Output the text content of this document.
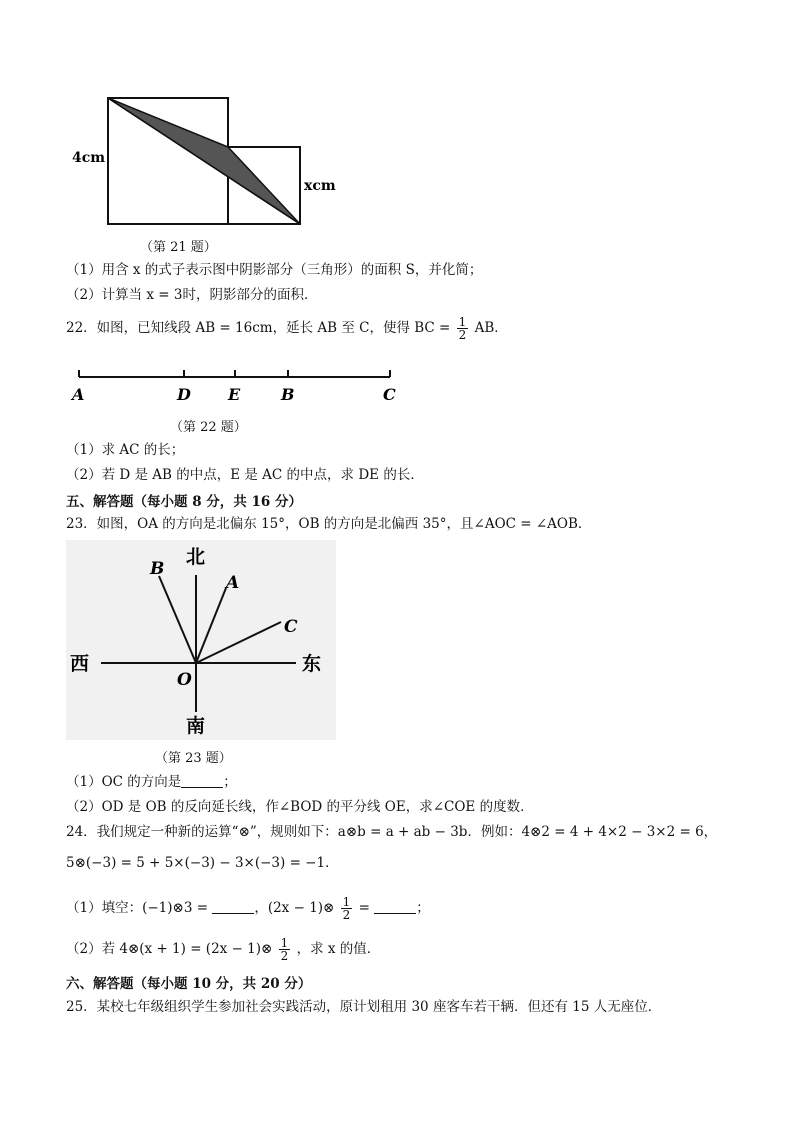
4cm
xcm
（第 21 题）
（1）用含 x 的式子表示图中阴影部分（三角形）的面积 S，并化简；
（2）计算当 x = 3时，阴影部分的面积．
22．如图，已知线段 AB = 16cm，延长 AB 至 C，使得 BC = $\frac{1}{2}$ AB．
A	D E	B	C
（第 22 题）
（1）求 AC 的长；
（2）若 D 是 AB 的中点，E 是 AC 的中点，求 DE 的长．
五、解答题（每小题 8 分，共 16 分）
23．如图，OA 的方向是北偏东 15°，OB 的方向是北偏西 35°，且∠AOC = ∠AOB．
北
南
西	东
O
A
B
C
（第 23 题）
（1）OC 的方向是	；
（2）OD 是 OB 的反向延长线，作∠BOD 的平分线 OE，求∠COE 的度数．
24．我们规定一种新的运算“⊗”，规则如下：a⊗b = a + ab − 3b．例如：4⊗2 = 4 + 4×2 − 3×2 = 6，
5⊗(−3) = 5 + 5×(−3) − 3×(−3) = −1．
（1）填空：(−1)⊗3 =	，(2x − 1)⊗ $\frac{1}{2}$ =	；
（2）若 4⊗(x + 1) = (2x − 1)⊗ $\frac{1}{2}$ ，求 x 的值．
六、解答题（每小题 10 分，共 20 分）
25．某校七年级组织学生参加社会实践活动，原计划租用 30 座客车若干辆．但还有 15 人无座位．
